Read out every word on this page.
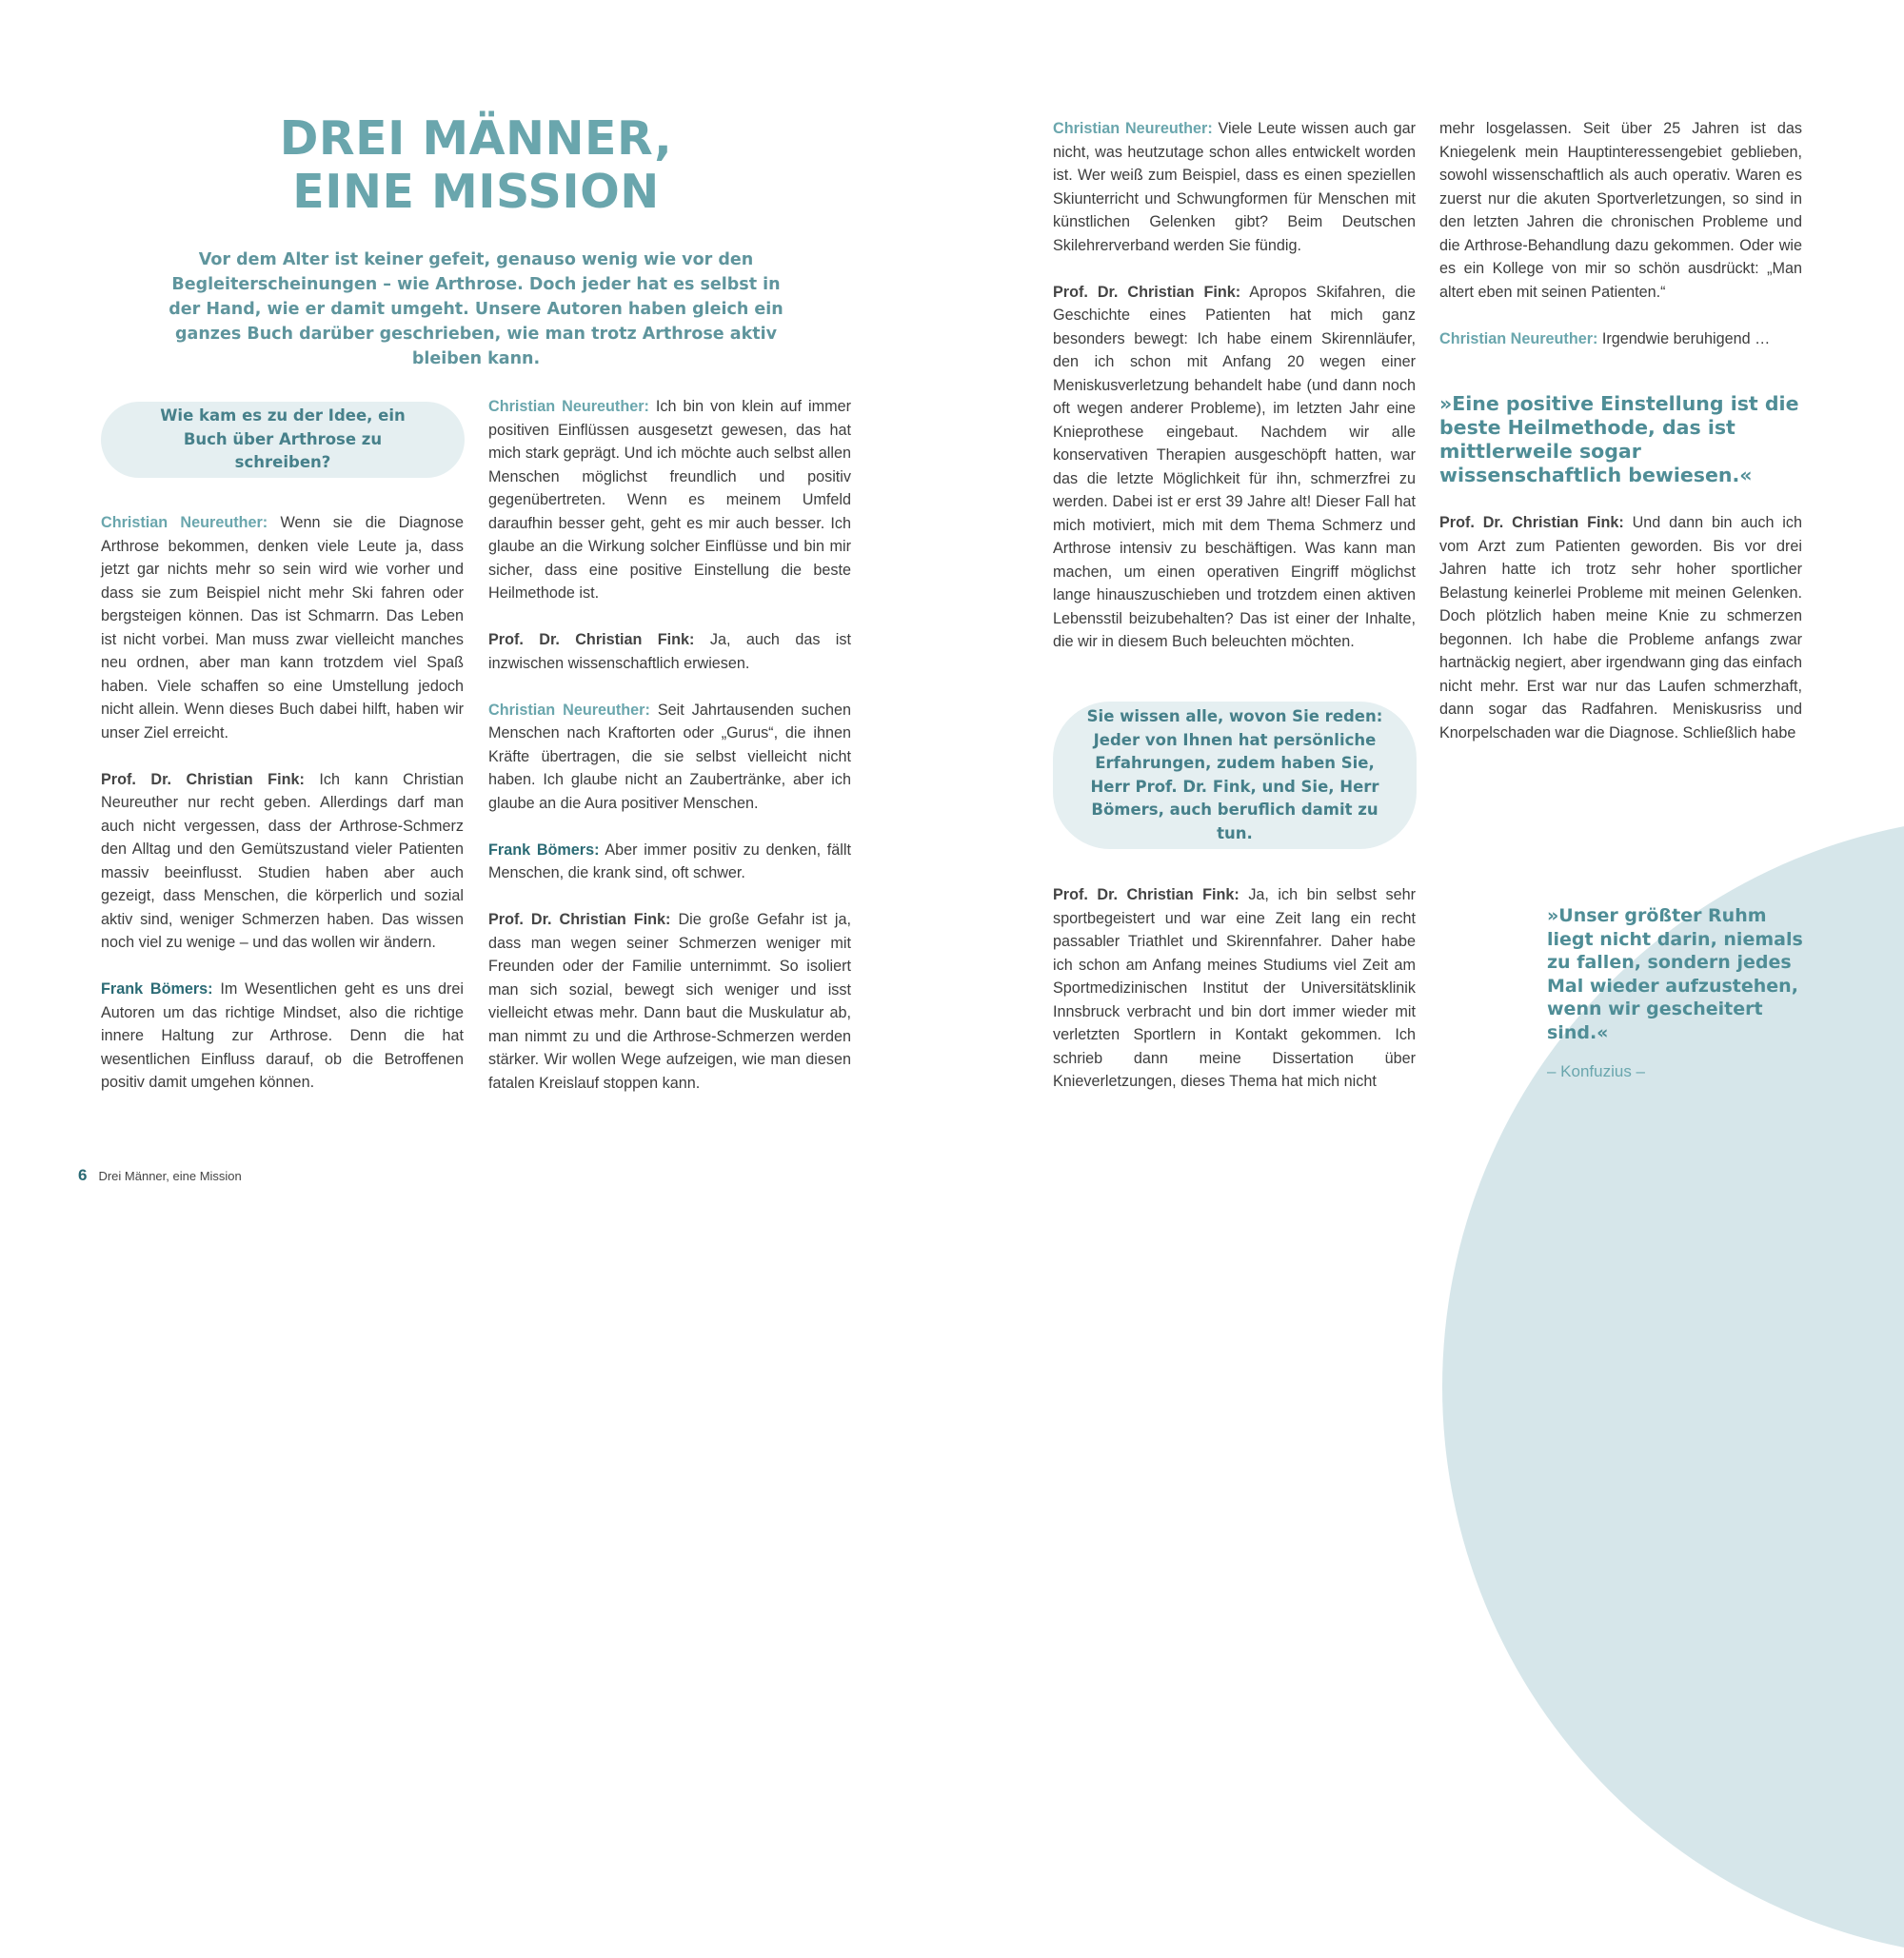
DREI MÄNNER,
EINE MISSION
Vor dem Alter ist keiner gefeit, genauso wenig wie vor den Begleiterscheinungen – wie Arthrose. Doch jeder hat es selbst in der Hand, wie er damit umgeht. Unsere Autoren haben gleich ein ganzes Buch darüber geschrieben, wie man trotz Arthrose aktiv bleiben kann.
Wie kam es zu der Idee, ein Buch über Arthrose zu schreiben?

Christian Neureuther: Wenn sie die Diagnose Arthrose bekommen, denken viele Leute ja, dass jetzt gar nichts mehr so sein wird wie vorher und dass sie zum Beispiel nicht mehr Ski fahren oder bergsteigen können. Das ist Schmarrn. Das Leben ist nicht vorbei. Man muss zwar vielleicht manches neu ordnen, aber man kann trotzdem viel Spaß haben. Viele schaffen so eine Umstellung jedoch nicht allein. Wenn dieses Buch dabei hilft, haben wir unser Ziel erreicht.

Prof. Dr. Christian Fink: Ich kann Christian Neureuther nur recht geben. Allerdings darf man auch nicht vergessen, dass der Arthrose-Schmerz den Alltag und den Gemütszustand vieler Patienten massiv beeinflusst. Studien haben aber auch gezeigt, dass Menschen, die körperlich und sozial aktiv sind, weniger Schmerzen haben. Das wissen noch viel zu wenige – und das wollen wir ändern.

Frank Bömers: Im Wesentlichen geht es uns drei Autoren um das richtige Mindset, also die richtige innere Haltung zur Arthrose. Denn die hat wesentlichen Einfluss darauf, ob die Betroffenen positiv damit umgehen können.

Christian Neureuther: Ich bin von klein auf immer positiven Einflüssen ausgesetzt gewesen, das hat mich stark geprägt. Und ich möchte auch selbst allen Menschen möglichst freundlich und positiv gegenübertreten. Wenn es meinem Umfeld daraufhin besser geht, geht es mir auch besser. Ich glaube an die Wirkung solcher Einflüsse und bin mir sicher, dass eine positive Einstellung die beste Heilmethode ist.

Prof. Dr. Christian Fink: Ja, auch das ist inzwischen wissenschaftlich erwiesen.

Christian Neureuther: Seit Jahrtausenden suchen Menschen nach Kraftorten oder „Gurus“, die ihnen Kräfte übertragen, die sie selbst vielleicht nicht haben. Ich glaube nicht an Zaubertränke, aber ich glaube an die Aura positiver Menschen.

Frank Bömers: Aber immer positiv zu denken, fällt Menschen, die krank sind, oft schwer.

Prof. Dr. Christian Fink: Die große Gefahr ist ja, dass man wegen seiner Schmerzen weniger mit Freunden oder der Familie unternimmt. So isoliert man sich sozial, bewegt sich weniger und isst vielleicht etwas mehr. Dann baut die Muskulatur ab, man nimmt zu und die Arthrose-Schmerzen werden stärker. Wir wollen Wege aufzeigen, wie man diesen fatalen Kreislauf stoppen kann.

Christian Neureuther: Viele Leute wissen auch gar nicht, was heutzutage schon alles entwickelt worden ist. Wer weiß zum Beispiel, dass es einen speziellen Skiunterricht und Schwungformen für Menschen mit künstlichen Gelenken gibt? Beim Deutschen Skilehrerverband werden Sie fündig.

Prof. Dr. Christian Fink: Apropos Skifahren, die Geschichte eines Patienten hat mich ganz besonders bewegt: Ich habe einem Skirennläufer, den ich schon mit Anfang 20 wegen einer Meniskusverletzung behandelt habe (und dann noch oft wegen anderer Probleme), im letzten Jahr eine Knieprothese eingebaut. Nachdem wir alle konservativen Therapien ausgeschöpft hatten, war das die letzte Möglichkeit für ihn, schmerzfrei zu werden. Dabei ist er erst 39 Jahre alt! Dieser Fall hat mich motiviert, mich mit dem Thema Schmerz und Arthrose intensiv zu beschäftigen. Was kann man machen, um einen operativen Eingriff möglichst lange hinauszuschieben und trotzdem einen aktiven Lebensstil beizubehalten? Das ist einer der Inhalte, die wir in diesem Buch beleuchten möchten.

Sie wissen alle, wovon Sie reden: Jeder von Ihnen hat persönliche Erfahrungen, zudem haben Sie, Herr Prof. Dr. Fink, und Sie, Herr Bömers, auch beruflich damit zu tun.

Prof. Dr. Christian Fink: Ja, ich bin selbst sehr sportbegeistert und war eine Zeit lang ein recht passabler Triathlet und Skirennfahrer. Daher habe ich schon am Anfang meines Studiums viel Zeit am Sportmedizinischen Institut der Universitätsklinik Innsbruck verbracht und bin dort immer wieder mit verletzten Sportlern in Kontakt gekommen. Ich schrieb dann meine Dissertation über Knieverletzungen, dieses Thema hat mich nicht

mehr losgelassen. Seit über 25 Jahren ist das Kniegelenk mein Hauptinteressengebiet geblieben, sowohl wissenschaftlich als auch operativ. Waren es zuerst nur die akuten Sportverletzungen, so sind in den letzten Jahren die chronischen Probleme und die Arthrose-Behandlung dazu gekommen. Oder wie es ein Kollege von mir so schön ausdrückt: „Man altert eben mit seinen Patienten.“

Christian Neureuther: Irgendwie beruhigend …

»Eine positive Einstellung ist die beste Heilmethode, das ist mittlerweile sogar wissenschaftlich bewiesen.«

Prof. Dr. Christian Fink: Und dann bin auch ich vom Arzt zum Patienten geworden. Bis vor drei Jahren hatte ich trotz sehr hoher sportlicher Belastung keinerlei Probleme mit meinen Gelenken. Doch plötzlich haben meine Knie zu schmerzen begonnen. Ich habe die Probleme anfangs zwar hartnäckig negiert, aber irgendwann ging das einfach nicht mehr. Erst war nur das Laufen schmerzhaft, dann sogar das Radfahren. Meniskusriss und Knorpelschaden war die Diagnose. Schließlich habe

»Unser größter Ruhm liegt nicht darin, niemals zu fallen, sondern jedes Mal wieder aufzustehen, wenn wir gescheitert sind.«
– Konfuzius –
6 Drei Männer, eine Mission
